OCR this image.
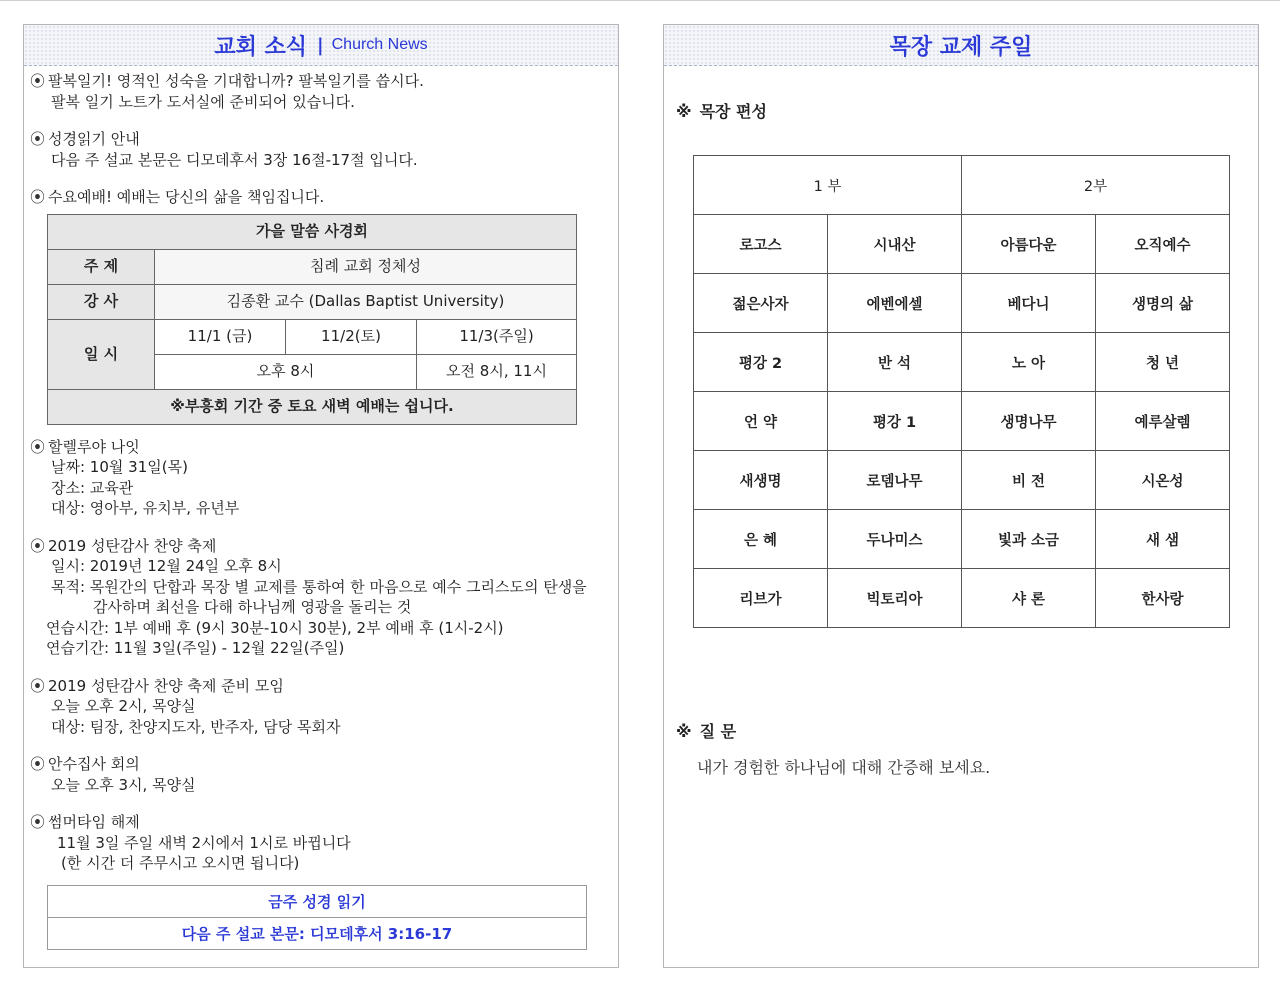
교회 소식 | Church News
⦿ 팔복일기! 영적인 성숙을 기대합니까? 팔복일기를 씁시다.
팔복 일기 노트가 도서실에 준비되어 있습니다.
⦿ 성경읽기 안내
다음 주 설교 본문은 디모데후서 3장 16절-17절 입니다.
⦿ 수요예배! 예배는 당신의 삶을 책임집니다.
가을 말씀 사경회			
주 제	침례 교회 정체성		
강 사	김종환 교수 (Dallas Baptist University)		
일 시	11/1 (금)	11/2(토)	11/3(주일)
	오후 8시		오전 8시, 11시
※부흥회 기간 중 토요 새벽 예배는 쉽니다.			
⦿ 할렐루야 나잇
날짜: 10월 31일(목)
장소: 교육관
대상: 영아부, 유치부, 유년부
⦿ 2019 성탄감사 찬양 축제
일시: 2019년 12월 24일 오후 8시
목적: 목원간의 단합과 목장 별 교제를 통하여 한 마음으로 예수 그리스도의 탄생을
감사하며 최선을 다해 하나님께 영광을 돌리는 것
연습시간: 1부 예배 후 (9시 30분-10시 30분), 2부 예배 후 (1시-2시)
연습기간: 11월 3일(주일) - 12월 22일(주일)
⦿ 2019 성탄감사 찬양 축제 준비 모임
오늘 오후 2시, 목양실
대상: 팀장, 찬양지도자, 반주자, 담당 목회자
⦿ 안수집사 회의
오늘 오후 3시, 목양실
⦿ 썸머타임 해제
11월 3일 주일 새벽 2시에서 1시로 바뀝니다
(한 시간 더 주무시고 오시면 됩니다)
금주 성경 읽기
다음 주 설교 본문: 디모데후서 3:16-17
목장 교제 주일
※ 목장 편성
1 부		2부	
로고스	시내산	아름다운	오직예수
젊은사자	에벤에셀	베다니	생명의 삶
평강 2	반 석	노 아	청 년
언 약	평강 1	생명나무	예루살렘
새생명	로뎀나무	비 전	시온성
은 혜	두나미스	빛과 소금	새 샘
리브가	빅토리아	샤 론	한사랑
※ 질 문
내가 경험한 하나님에 대해 간증해 보세요.
